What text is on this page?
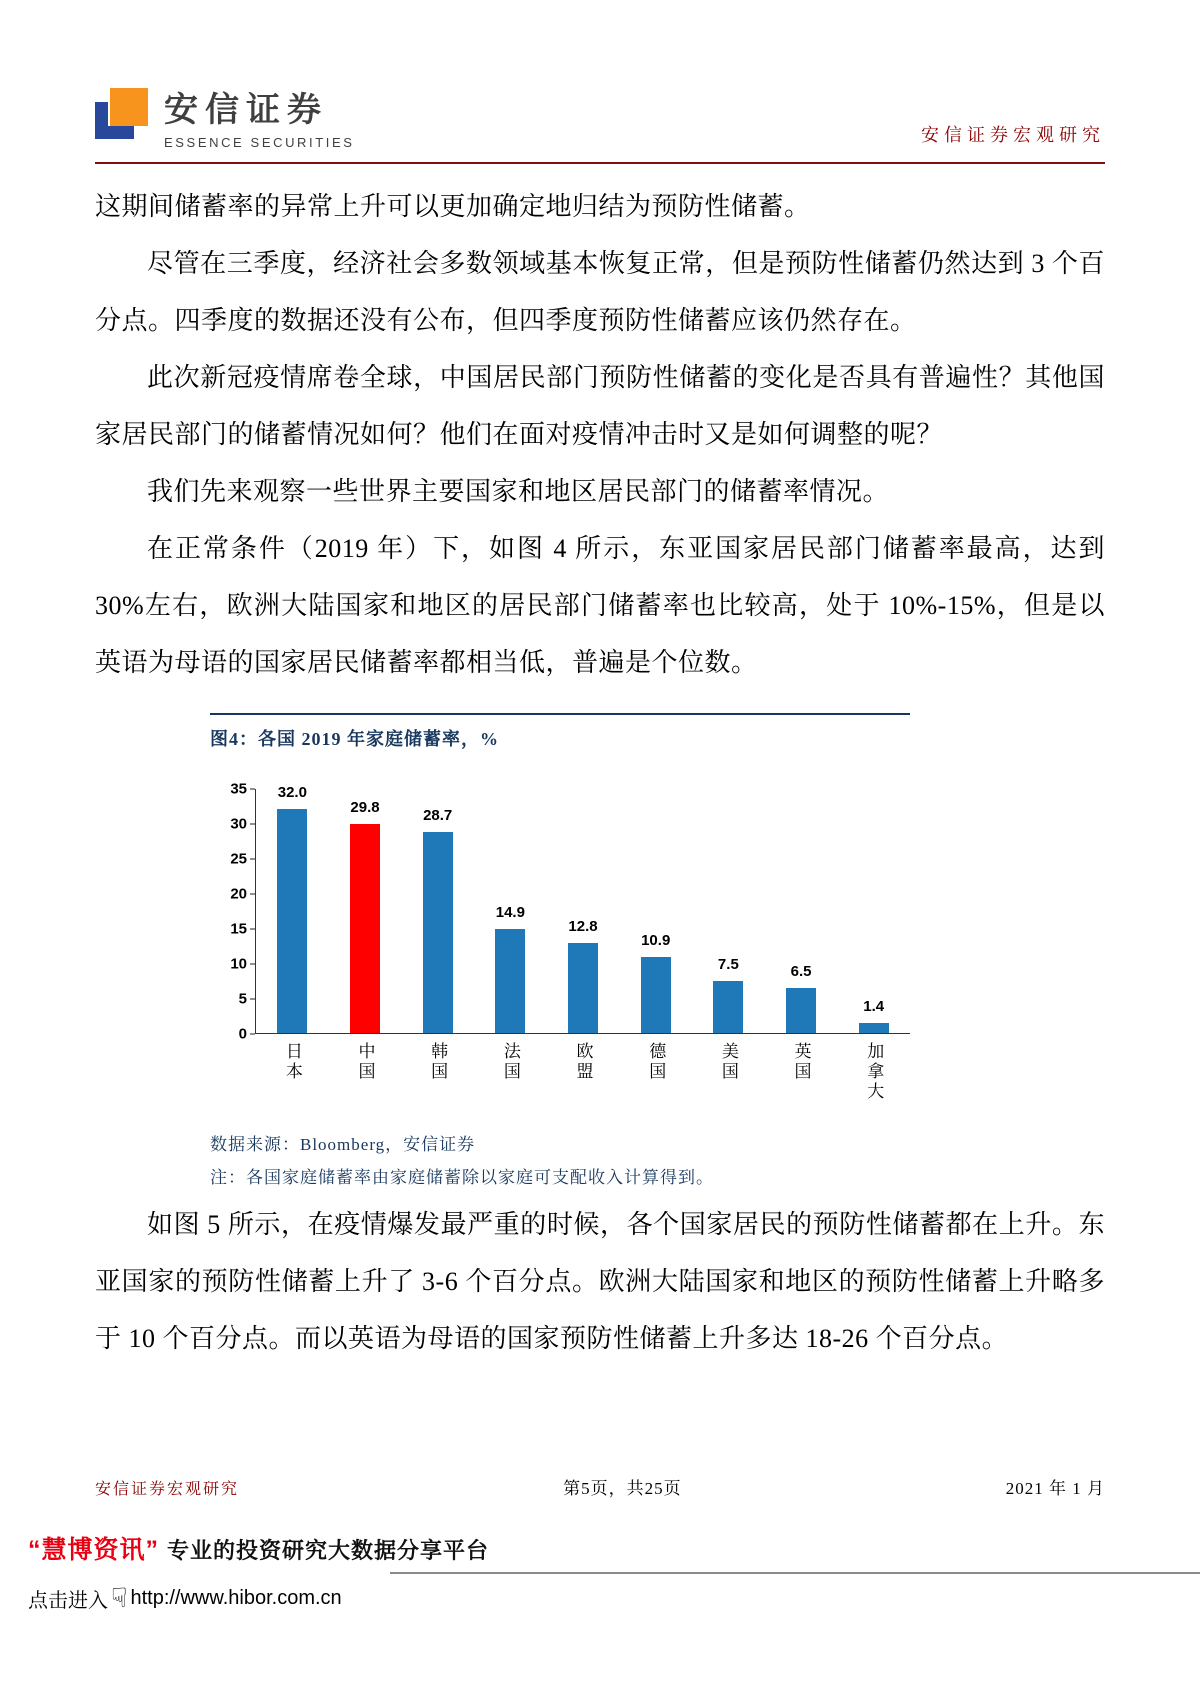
安信证券
ESSENCE SECURITIES	安信证券宏观研究

这期间储蓄率的异常上升可以更加确定地归结为预防性储蓄。

尽管在三季度，经济社会多数领域基本恢复正常，但是预防性储蓄仍然达到 3 个百分点。四季度的数据还没有公布，但四季度预防性储蓄应该仍然存在。

此次新冠疫情席卷全球，中国居民部门预防性储蓄的变化是否具有普遍性？其他国家居民部门的储蓄情况如何？他们在面对疫情冲击时又是如何调整的呢？

我们先来观察一些世界主要国家和地区居民部门的储蓄率情况。

在正常条件（2019 年）下，如图 4 所示，东亚国家居民部门储蓄率最高，达到 30%左右，欧洲大陆国家和地区的居民部门储蓄率也比较高，处于 10%-15%，但是以英语为母语的国家居民储蓄率都相当低，普遍是个位数。

图4：各国 2019 年家庭储蓄率，%
35
30
25
20
15
10
5
0
32.0
29.8	28.7
14.9
12.8
10.9
7.5	6.5
1.4
日本	中国	韩国	法国	欧盟	德国	美国	英国	加拿大
数据来源：Bloomberg，安信证券
注：各国家庭储蓄率由家庭储蓄除以家庭可支配收入计算得到。

如图 5 所示，在疫情爆发最严重的时候，各个国家居民的预防性储蓄都在上升。东亚国家的预防性储蓄上升了 3-6 个百分点。欧洲大陆国家和地区的预防性储蓄上升略多于 10 个百分点。而以英语为母语的国家预防性储蓄上升多达 18-26 个百分点。

安信证券宏观研究	第5页，共25页	2021 年 1 月
“慧博资讯” 专业的投资研究大数据分享平台
点击进入 ☟ http://www.hibor.com.cn
